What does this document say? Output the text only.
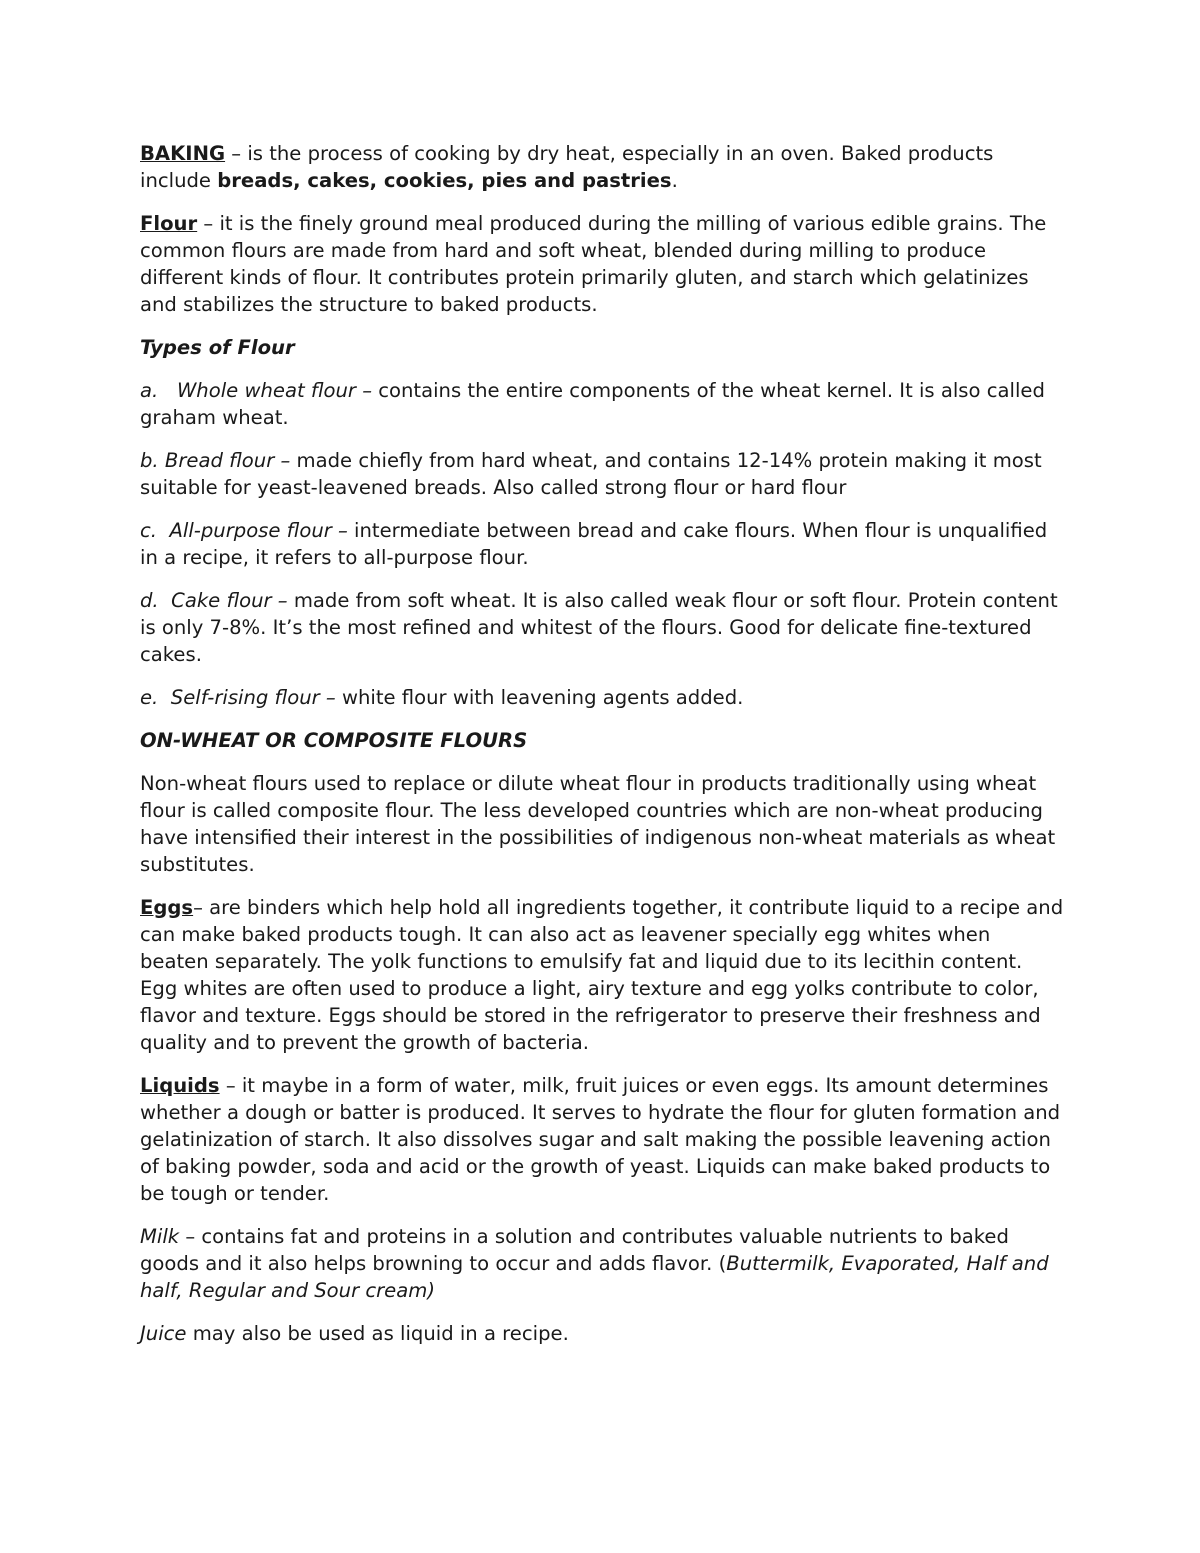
BAKING – is the process of cooking by dry heat, especially in an oven. Baked products include breads, cakes, cookies, pies and pastries.

Flour – it is the finely ground meal produced during the milling of various edible grains. The common flours are made from hard and soft wheat, blended during milling to produce different kinds of flour. It contributes protein primarily gluten, and starch which gelatinizes and stabilizes the structure to baked products.

Types of Flour

a. Whole wheat flour – contains the entire components of the wheat kernel. It is also called graham wheat.

b. Bread flour – made chiefly from hard wheat, and contains 12-14% protein making it most suitable for yeast-leavened breads. Also called strong flour or hard flour

c. All-purpose flour – intermediate between bread and cake flours. When flour is unqualified in a recipe, it refers to all-purpose flour.

d. Cake flour – made from soft wheat. It is also called weak flour or soft flour. Protein content is only 7-8%. It’s the most refined and whitest of the flours. Good for delicate fine-textured cakes.

e. Self-rising flour – white flour with leavening agents added.

ON-WHEAT OR COMPOSITE FLOURS

Non-wheat flours used to replace or dilute wheat flour in products traditionally using wheat flour is called composite flour. The less developed countries which are non-wheat producing have intensified their interest in the possibilities of indigenous non-wheat materials as wheat substitutes.

Eggs– are binders which help hold all ingredients together, it contribute liquid to a recipe and can make baked products tough. It can also act as leavener specially egg whites when beaten separately. The yolk functions to emulsify fat and liquid due to its lecithin content. Egg whites are often used to produce a light, airy texture and egg yolks contribute to color, flavor and texture. Eggs should be stored in the refrigerator to preserve their freshness and quality and to prevent the growth of bacteria.

Liquids – it maybe in a form of water, milk, fruit juices or even eggs. Its amount determines whether a dough or batter is produced. It serves to hydrate the flour for gluten formation and gelatinization of starch. It also dissolves sugar and salt making the possible leavening action of baking powder, soda and acid or the growth of yeast. Liquids can make baked products to be tough or tender.

Milk – contains fat and proteins in a solution and contributes valuable nutrients to baked goods and it also helps browning to occur and adds flavor. (Buttermilk, Evaporated, Half and half, Regular and Sour cream)

Juice may also be used as liquid in a recipe.
